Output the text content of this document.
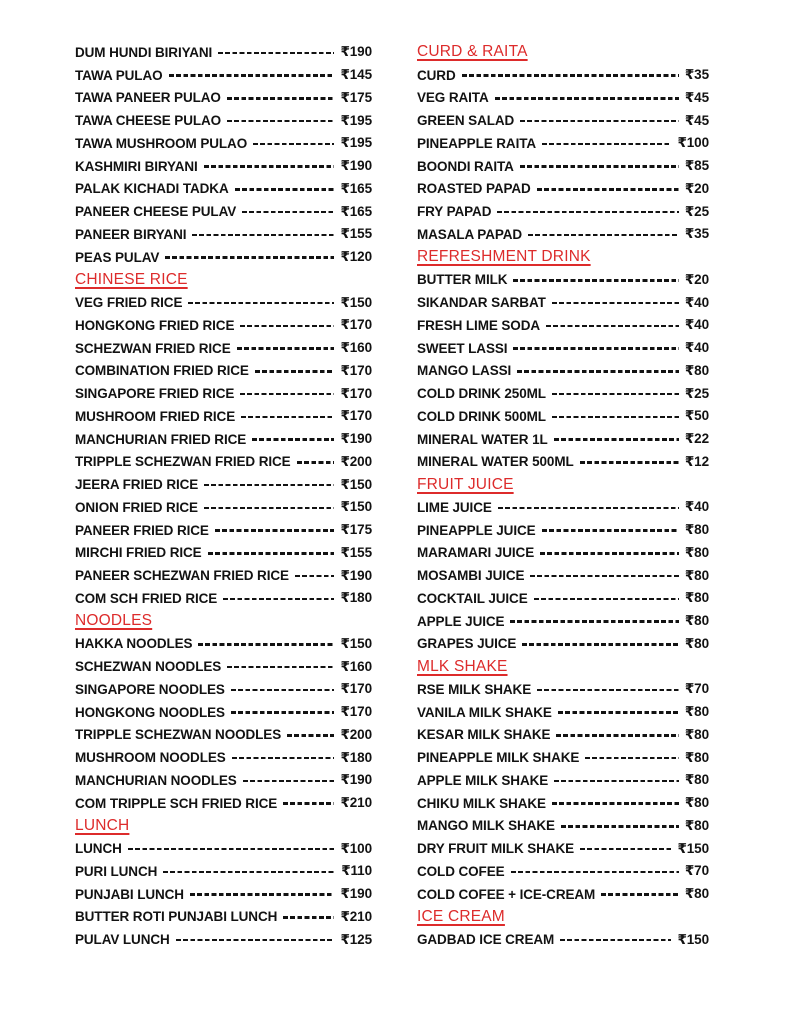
DUM HUNDI BIRIYANI	₹190
TAWA PULAO	₹145
TAWA PANEER PULAO	₹175
TAWA CHEESE PULAO	₹195
TAWA MUSHROOM PULAO	₹195
KASHMIRI BIRYANI	₹190
PALAK KICHADI TADKA	₹165
PANEER CHEESE PULAV	₹165
PANEER BIRYANI	₹155
PEAS PULAV	₹120
CHINESE RICE
VEG FRIED RICE	₹150
HONGKONG FRIED RICE	₹170
SCHEZWAN FRIED RICE	₹160
COMBINATION FRIED RICE	₹170
SINGAPORE FRIED RICE	₹170
MUSHROOM FRIED RICE	₹170
MANCHURIAN FRIED RICE	₹190
TRIPPLE SCHEZWAN FRIED RICE	₹200
JEERA FRIED RICE	₹150
ONION FRIED RICE	₹150
PANEER FRIED RICE	₹175
MIRCHI FRIED RICE	₹155
PANEER SCHEZWAN FRIED RICE	₹190
COM SCH FRIED RICE	₹180
NOODLES
HAKKA NOODLES	₹150
SCHEZWAN NOODLES	₹160
SINGAPORE NOODLES	₹170
HONGKONG NOODLES	₹170
TRIPPLE SCHEZWAN NOODLES	₹200
MUSHROOM NOODLES	₹180
MANCHURIAN NOODLES	₹190
COM TRIPPLE SCH FRIED RICE	₹210
LUNCH
LUNCH	₹100
PURI LUNCH	₹110
PUNJABI LUNCH	₹190
BUTTER ROTI PUNJABI LUNCH	₹210
PULAV LUNCH	₹125
CURD & RAITA
CURD	₹35
VEG RAITA	₹45
GREEN SALAD	₹45
PINEAPPLE RAITA	₹100
BOONDI RAITA	₹85
ROASTED PAPAD	₹20
FRY PAPAD	₹25
MASALA PAPAD	₹35
REFRESHMENT DRINK
BUTTER MILK	₹20
SIKANDAR SARBAT	₹40
FRESH LIME SODA	₹40
SWEET LASSI	₹40
MANGO LASSI	₹80
COLD DRINK 250ML	₹25
COLD DRINK 500ML	₹50
MINERAL WATER 1L	₹22
MINERAL WATER 500ML	₹12
FRUIT JUICE
LIME JUICE	₹40
PINEAPPLE JUICE	₹80
MARAMARI JUICE	₹80
MOSAMBI JUICE	₹80
COCKTAIL JUICE	₹80
APPLE JUICE	₹80
GRAPES JUICE	₹80
MLK SHAKE
RSE MILK SHAKE	₹70
VANILA MILK SHAKE	₹80
KESAR MILK SHAKE	₹80
PINEAPPLE MILK SHAKE	₹80
APPLE MILK SHAKE	₹80
CHIKU MILK SHAKE	₹80
MANGO MILK SHAKE	₹80
DRY FRUIT MILK SHAKE	₹150
COLD COFEE	₹70
COLD COFEE + ICE-CREAM	₹80
ICE CREAM
GADBAD ICE CREAM	₹150
